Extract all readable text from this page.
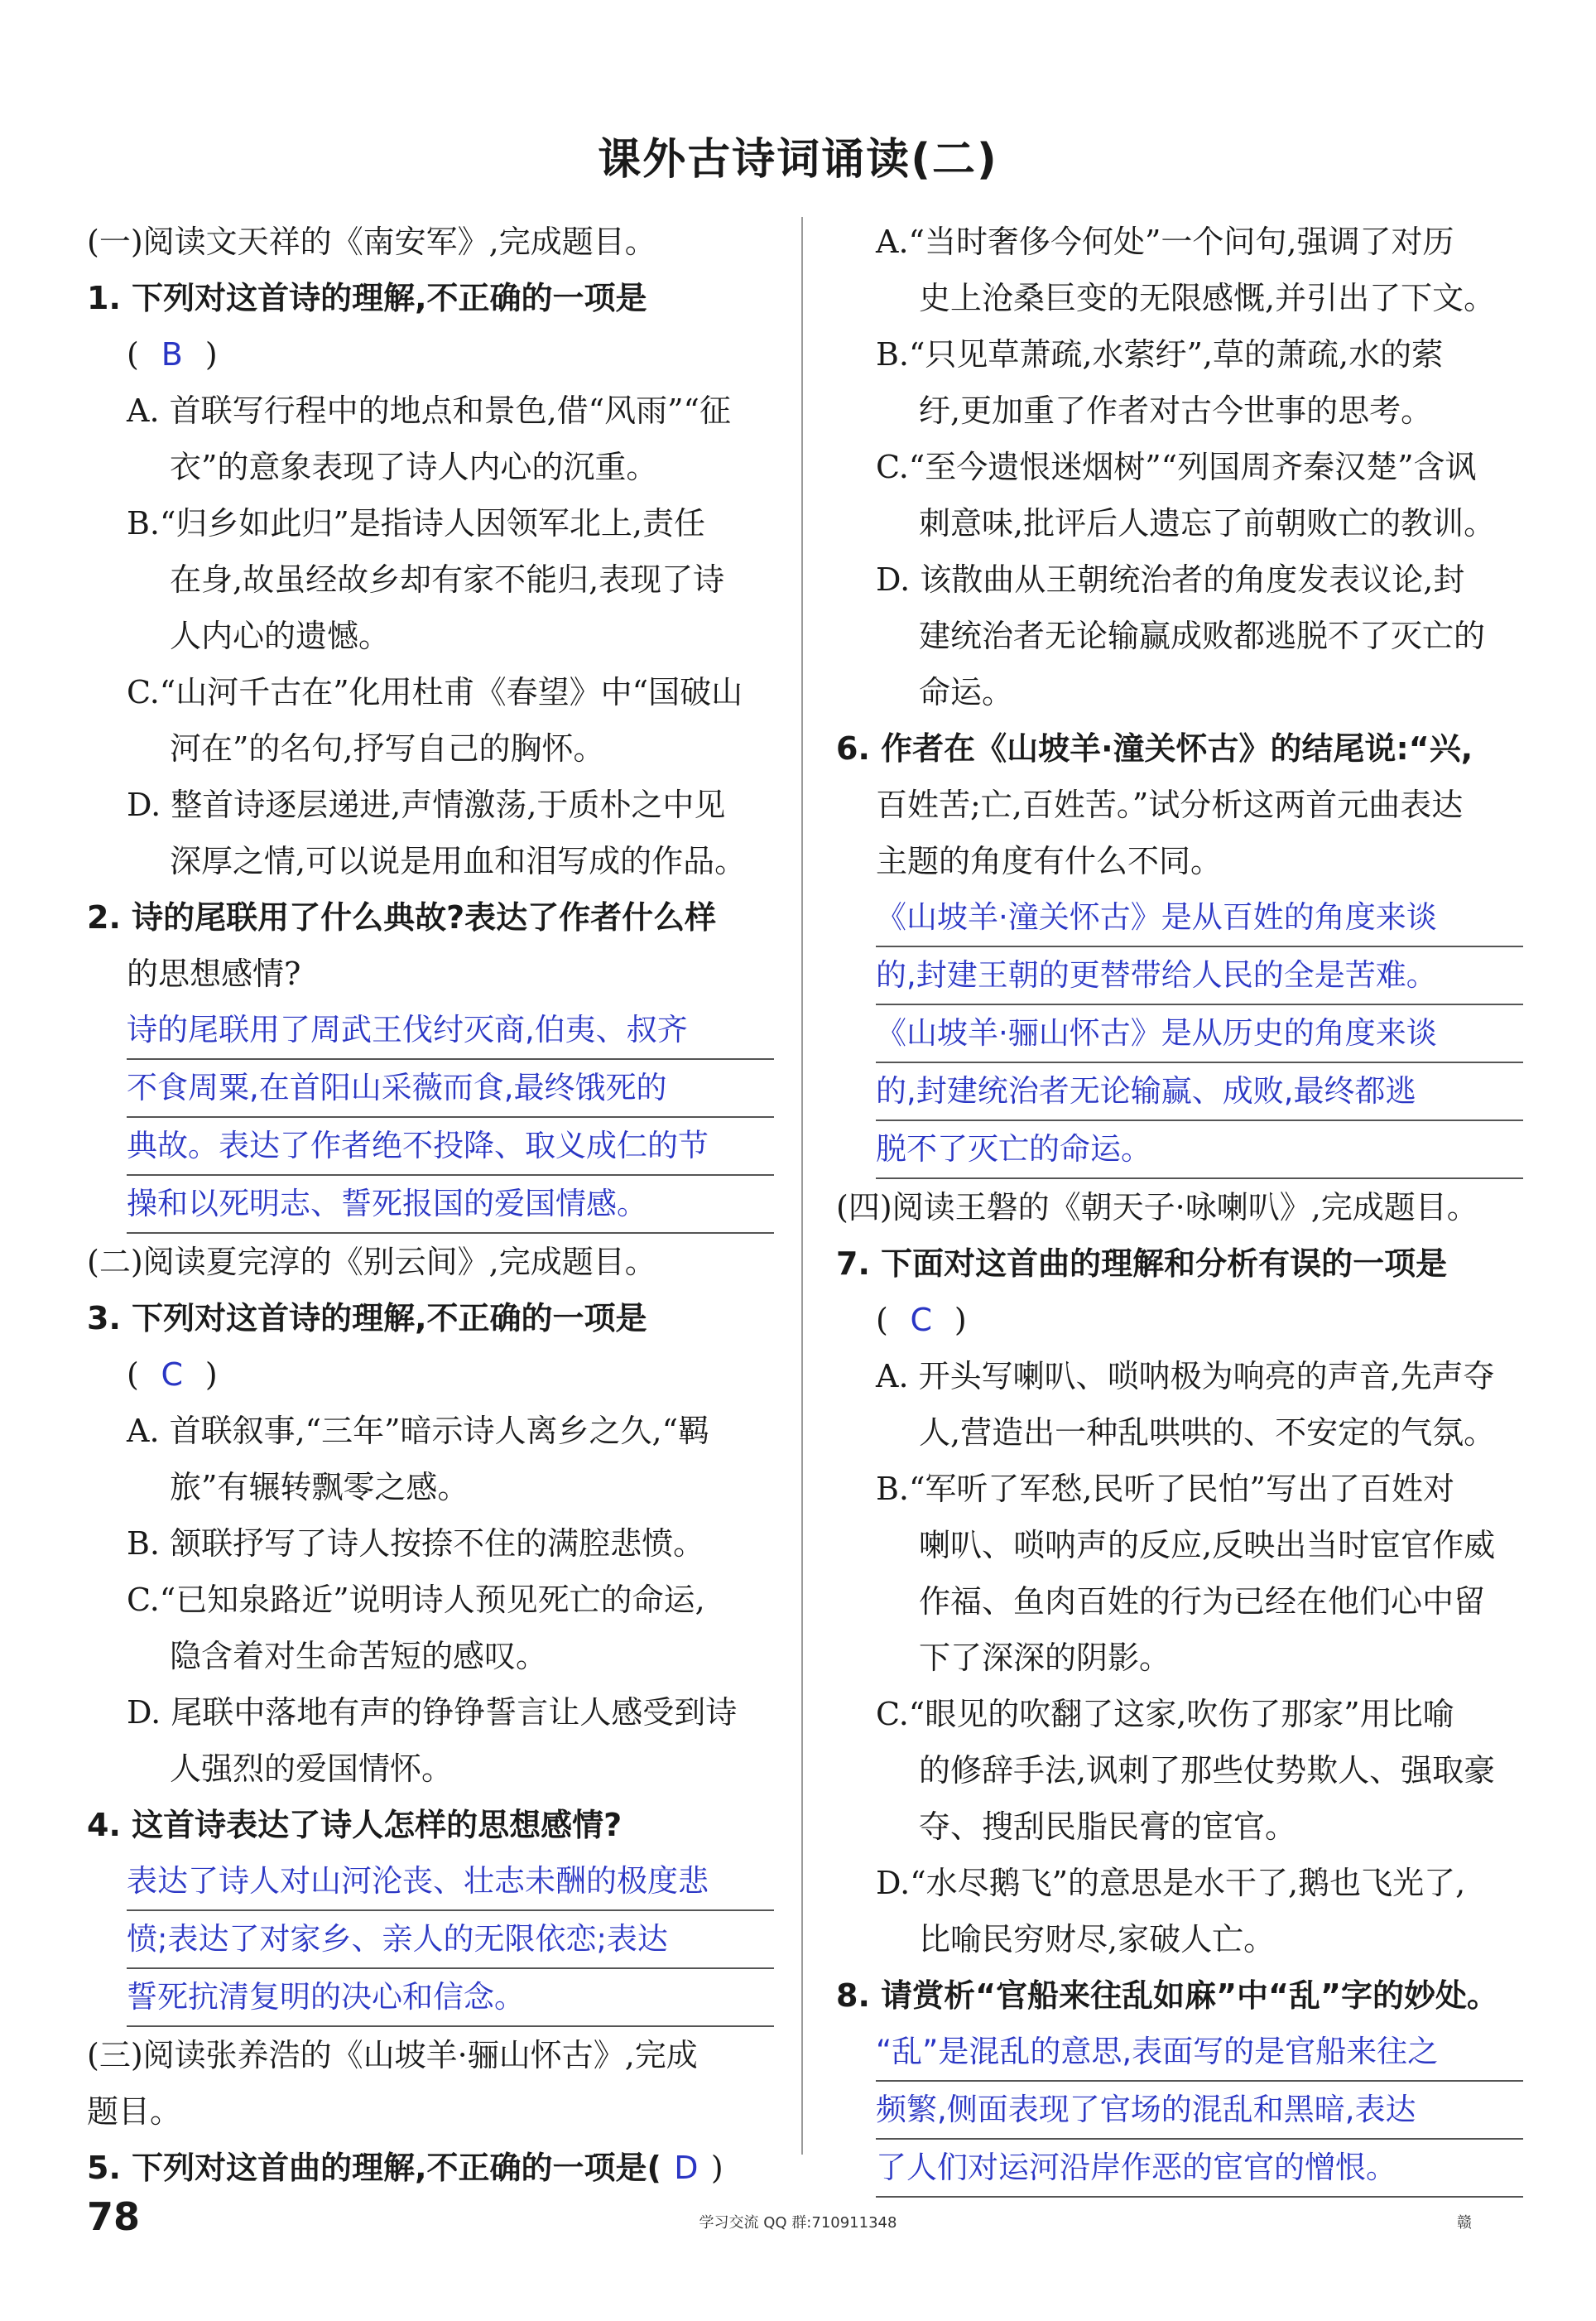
课外古诗词诵读(二)
(一)阅读文天祥的《南安军》,完成题目。
1. 下列对这首诗的理解,不正确的一项是
( B )
A. 首联写行程中的地点和景色,借“风雨”“征
衣”的意象表现了诗人内心的沉重。
B.“归乡如此归”是指诗人因领军北上,责任
在身,故虽经故乡却有家不能归,表现了诗
人内心的遗憾。
C.“山河千古在”化用杜甫《春望》中“国破山
河在”的名句,抒写自己的胸怀。
D. 整首诗逐层递进,声情激荡,于质朴之中见
深厚之情,可以说是用血和泪写成的作品。
2. 诗的尾联用了什么典故?表达了作者什么样
的思想感情?
诗的尾联用了周武王伐纣灭商,伯夷、叔齐
不食周粟,在首阳山采薇而食,最终饿死的
典故。表达了作者绝不投降、取义成仁的节
操和以死明志、誓死报国的爱国情感。
(二)阅读夏完淳的《别云间》,完成题目。
3. 下列对这首诗的理解,不正确的一项是
( C )
A. 首联叙事,“三年”暗示诗人离乡之久,“羁
旅”有辗转飘零之感。
B. 颔联抒写了诗人按捺不住的满腔悲愤。
C.“已知泉路近”说明诗人预见死亡的命运,
隐含着对生命苦短的感叹。
D. 尾联中落地有声的铮铮誓言让人感受到诗
人强烈的爱国情怀。
4. 这首诗表达了诗人怎样的思想感情?
表达了诗人对山河沦丧、壮志未酬的极度悲
愤;表达了对家乡、亲人的无限依恋;表达
誓死抗清复明的决心和信念。
(三)阅读张养浩的《山坡羊·骊山怀古》,完成
题目。
5. 下列对这首曲的理解,不正确的一项是( D )
A.“当时奢侈今何处”一个问句,强调了对历
史上沧桑巨变的无限感慨,并引出了下文。
B.“只见草萧疏,水萦纡”,草的萧疏,水的萦
纡,更加重了作者对古今世事的思考。
C.“至今遗恨迷烟树”“列国周齐秦汉楚”含讽
刺意味,批评后人遗忘了前朝败亡的教训。
D. 该散曲从王朝统治者的角度发表议论,封
建统治者无论输赢成败都逃脱不了灭亡的
命运。
6. 作者在《山坡羊·潼关怀古》的结尾说:“兴,
百姓苦;亡,百姓苦。”试分析这两首元曲表达
主题的角度有什么不同。
《山坡羊·潼关怀古》是从百姓的角度来谈
的,封建王朝的更替带给人民的全是苦难。
《山坡羊·骊山怀古》是从历史的角度来谈
的,封建统治者无论输赢、成败,最终都逃
脱不了灭亡的命运。
(四)阅读王磐的《朝天子·咏喇叭》,完成题目。
7. 下面对这首曲的理解和分析有误的一项是
( C )
A. 开头写喇叭、唢呐极为响亮的声音,先声夺
人,营造出一种乱哄哄的、不安定的气氛。
B.“军听了军愁,民听了民怕”写出了百姓对
喇叭、唢呐声的反应,反映出当时宦官作威
作福、鱼肉百姓的行为已经在他们心中留
下了深深的阴影。
C.“眼见的吹翻了这家,吹伤了那家”用比喻
的修辞手法,讽刺了那些仗势欺人、强取豪
夺、搜刮民脂民膏的宦官。
D.“水尽鹅飞”的意思是水干了,鹅也飞光了,
比喻民穷财尽,家破人亡。
8. 请赏析“官船来往乱如麻”中“乱”字的妙处。
“乱”是混乱的意思,表面写的是官船来往之
频繁,侧面表现了官场的混乱和黑暗,表达
了人们对运河沿岸作恶的宦官的憎恨。
78	学习交流 QQ 群:710911348	赣
